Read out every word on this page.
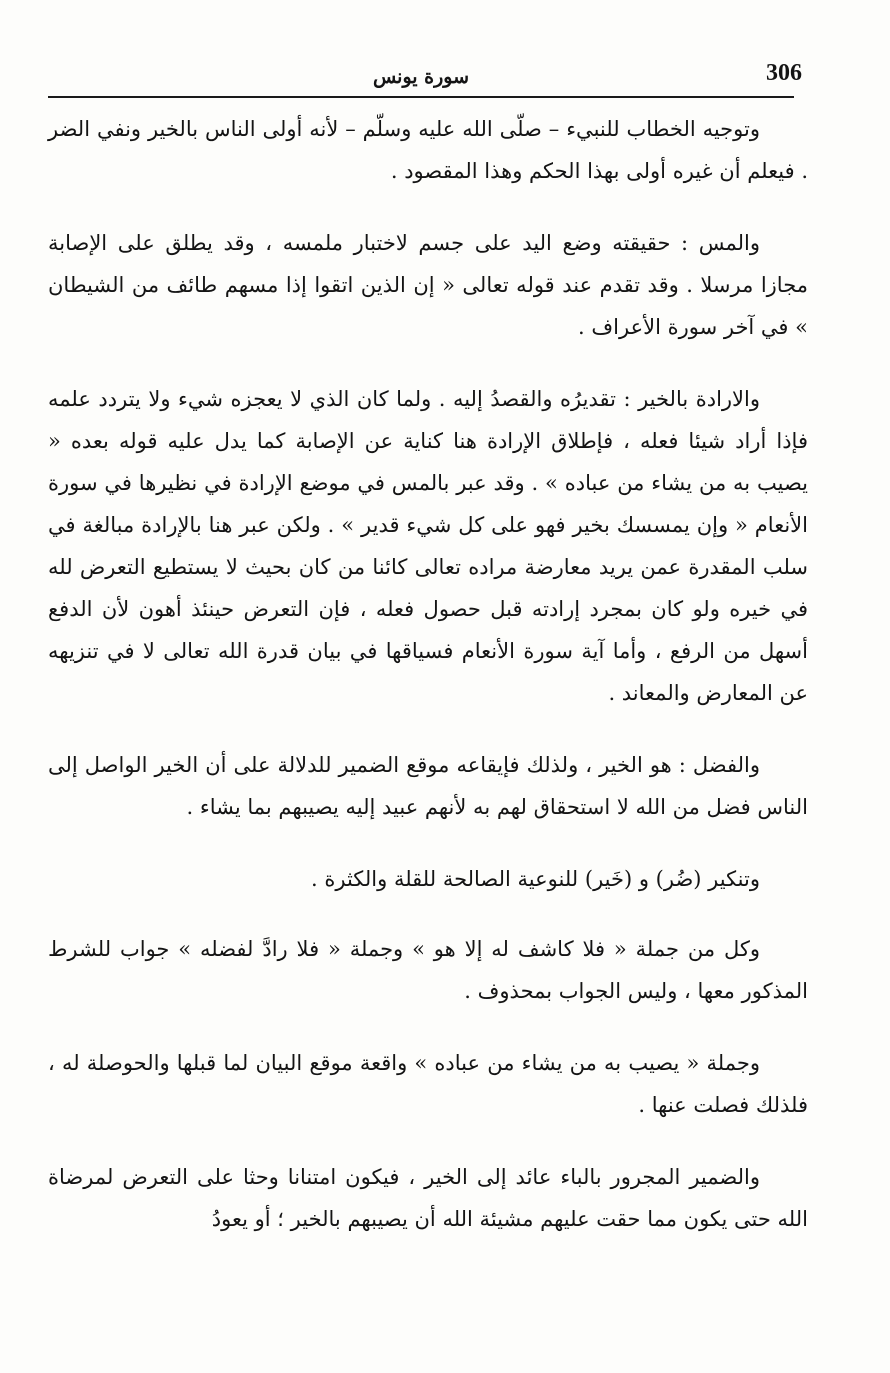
306
سورة يونس

وتوجيه الخطاب للنبيء – صلّى الله عليه وسلّم – لأنه أولى الناس بالخير ونفي الضر . فيعلم أن غيره أولى بهذا الحكم وهذا المقصود .

والمس : حقيقته وضع اليد على جسم لاختبار ملمسه ، وقد يطلق على الإصابة مجازا مرسلا . وقد تقدم عند قوله تعالى « إن الذين اتقوا إذا مسهم طائف من الشيطان » في آخر سورة الأعراف .

والارادة بالخير : تقديرُه والقصدُ إليه . ولما كان الذي لا يعجزه شيء ولا يتردد علمه فإذا أراد شيئا فعله ، فإطلاق الإرادة هنا كناية عن الإصابة كما يدل عليه قوله بعده « يصيب به من يشاء من عباده » . وقد عبر بالمس في موضع الإرادة في نظيرها في سورة الأنعام « وإن يمسسك بخير فهو على كل شيء قدير » . ولكن عبر هنا بالإرادة مبالغة في سلب المقدرة عمن يريد معارضة مراده تعالى كائنا من كان بحيث لا يستطيع التعرض لله في خيره ولو كان بمجرد إرادته قبل حصول فعله ، فإن التعرض حينئذ أهون لأن الدفع أسهل من الرفع ، وأما آية سورة الأنعام فسياقها في بيان قدرة الله تعالى لا في تنزيهه عن المعارض والمعاند .

والفضل : هو الخير ، ولذلك فإيقاعه موقع الضمير للدلالة على أن الخير الواصل إلى الناس فضل من الله لا استحقاق لهم به لأنهم عبيد إليه يصيبهم بما يشاء .

وتنكير (ضُر) و (خَير) للنوعية الصالحة للقلة والكثرة .

وكل من جملة « فلا كاشف له إلا هو » وجملة « فلا رادَّ لفضله » جواب للشرط المذكور معها ، وليس الجواب بمحذوف .

وجملة « يصيب به من يشاء من عباده » واقعة موقع البيان لما قبلها والحوصلة له ، فلذلك فصلت عنها .

والضمير المجرور بالباء عائد إلى الخير ، فيكون امتنانا وحثا على التعرض لمرضاة الله حتى يكون مما حقت عليهم مشيئة الله أن يصيبهم بالخير ؛ أو يعودُ
